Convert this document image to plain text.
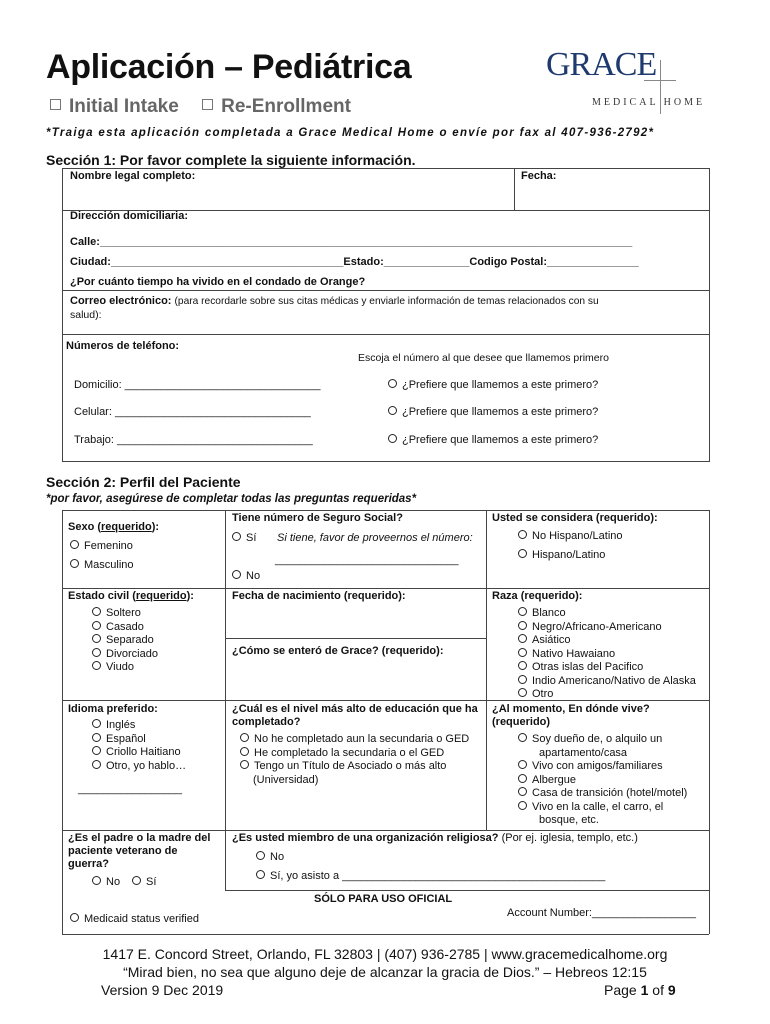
Aplicación – Pediátrica
Initial Intake Re-Enrollment
*Traiga esta aplicación completada a Grace Medical Home o envíe por fax al 407-936-2792*
GRACE
MEDICAL HOME
Sección 1: Por favor complete la siguiente información.
Nombre legal completo:	Fecha:
Dirección domiciliaria:
Calle:_______________________________________________________________________________________
Ciudad:______________________________________Estado:______________Codigo Postal:_______________
¿Por cuánto tiempo ha vivido en el condado de Orange?
Correo electrónico: (para recordarle sobre sus citas médicas y enviarle información de temas relacionados con su
salud):
Números de teléfono:
Escoja el número al que desee que llamemos primero
Domicilio: ________________________________	¿Prefiere que llamemos a este primero?
Celular: ________________________________	¿Prefiere que llamemos a este primero?
Trabajo: ________________________________	¿Prefiere que llamemos a este primero?
Sección 2: Perfil del Paciente
*por favor, asegúrese de completar todas las preguntas requeridas*
Sexo (requerido):
Femenino
Masculino
Tiene número de Seguro Social?
Sí Si tiene, favor de proveernos el número:
______________________________
No
Usted se considera (requerido):
No Hispano/Latino
Hispano/Latino
Estado civil (requerido):
Soltero
Casado
Separado
Divorciado
Viudo
Fecha de nacimiento (requerido):
¿Cómo se enteró de Grace? (requerido):
Raza (requerido):
Blanco
Negro/Africano-Americano
Asiático
Nativo Hawaiano
Otras islas del Pacifico
Indio Americano/Nativo de Alaska
Otro
Idioma preferido:
Inglés
Español
Criollo Haitiano
Otro, yo hablo…
_________________
¿Cuál es el nivel más alto de educación que ha completado?
No he completado aun la secundaria o GED
He completado la secundaria o el GED
Tengo un Título de Asociado o más alto
(Universidad)
¿Al momento, En dónde vive? (requerido)
Soy dueño de, o alquilo un
apartamento/casa
Vivo con amigos/familiares
Albergue
Casa de transición (hotel/motel)
Vivo en la calle, el carro, el
bosque, etc.
¿Es el padre o la madre del paciente veterano de guerra?
No	Sí
¿Es usted miembro de una organización religiosa? (Por ej. iglesia, templo, etc.)
No
Sí, yo asisto a ___________________________________________
SÓLO PARA USO OFICIAL
Account Number:_________________
Medicaid status verified
1417 E. Concord Street, Orlando, FL 32803 | (407) 936-2785 | www.gracemedicalhome.org
“Mirad bien, no sea que alguno deje de alcanzar la gracia de Dios.” – Hebreos 12:15
Version 9 Dec 2019	Page 1 of 9
